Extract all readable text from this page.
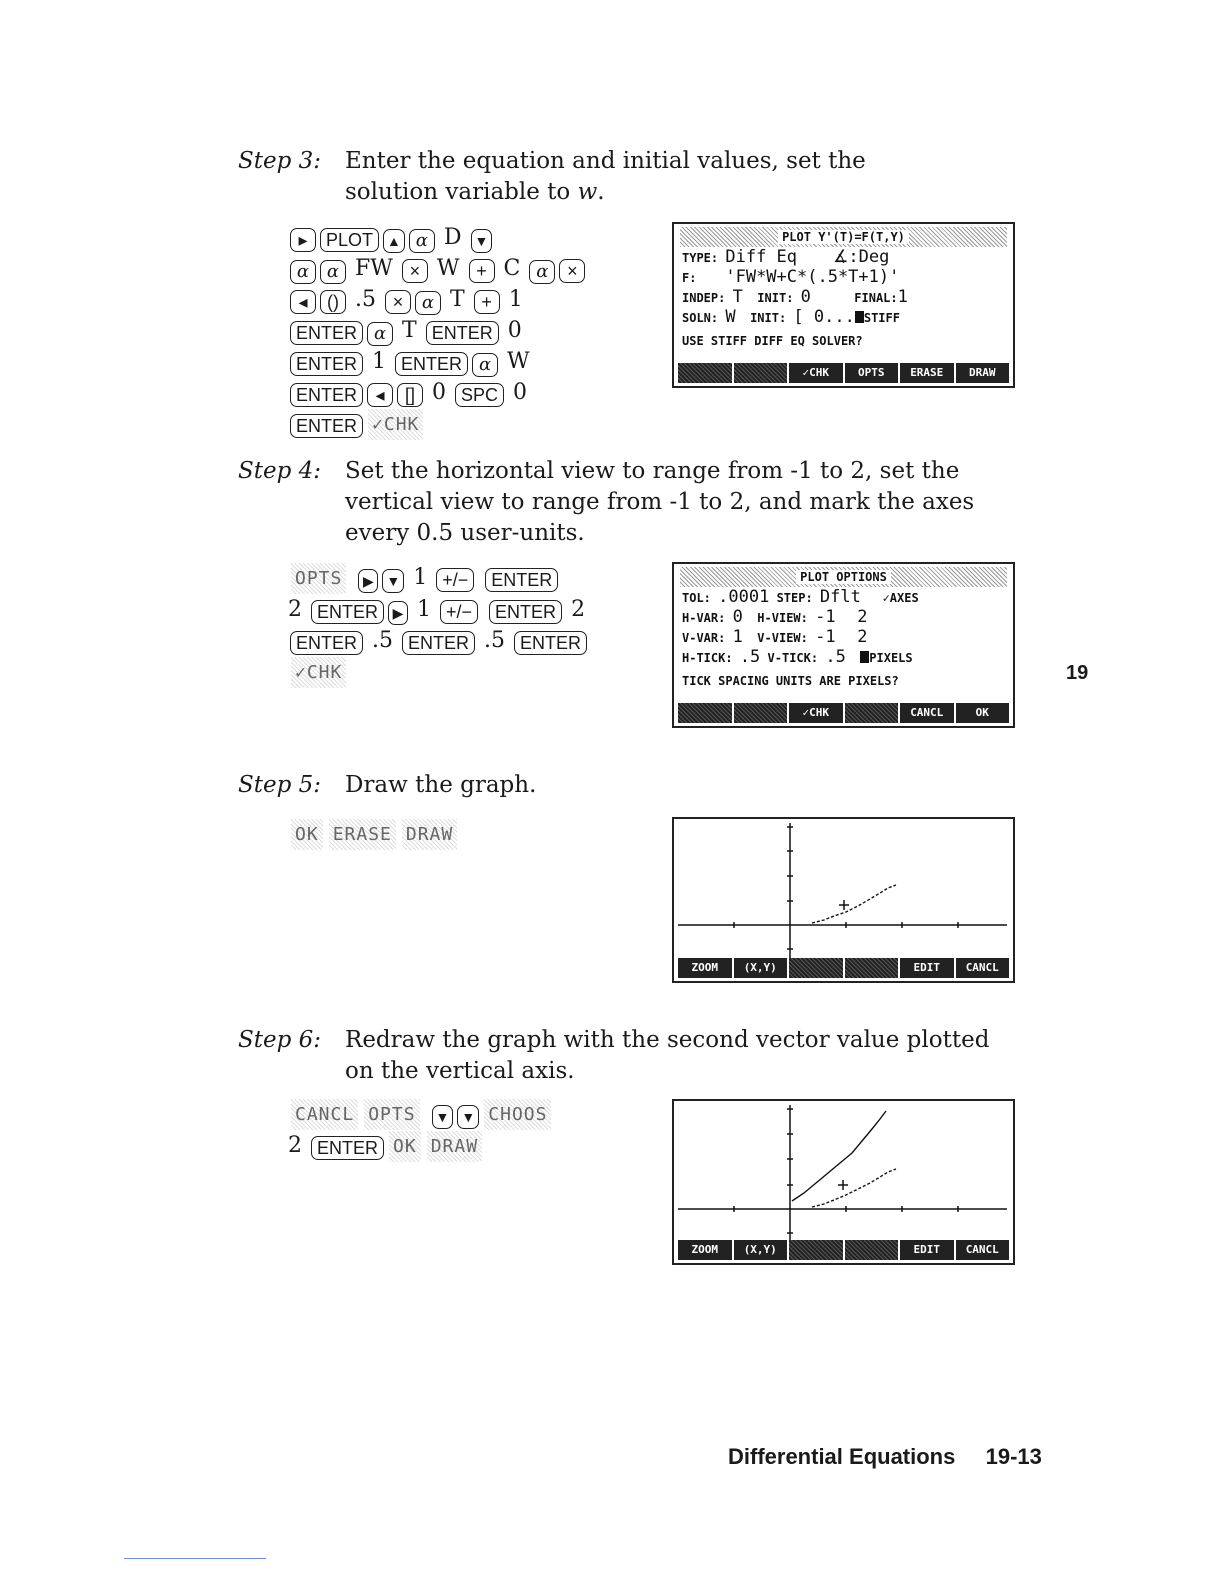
Step 3: Enter the equation and initial values, set the solution variable to w.
▸ PLOT ▲ α D ▼
α α FW × W + C α ×
◂ () .5 × α T + 1
ENTER α T ENTER 0
ENTER 1 ENTER α W
ENTER ◂ [] 0 SPC 0
ENTER ✓CHK
PLOT Y'(T)=F(T,Y)
TYPE: Diff Eq ∡:Deg
F: 'FW*W+C*(.5*T+1)'
INDEP: T INIT: 0	FINAL:1
SOLN: W INIT: [ 0... STIFF
USE STIFF DIFF EQ SOLVER?
✓CHK	OPTS	ERASE	DRAW
Step 4: Set the horizontal view to range from -1 to 2, set the vertical view to range from -1 to 2, and mark the axes every 0.5 user-units.
OPTS ▶ ▼ 1 +/− ENTER
2 ENTER ▶ 1 +/− ENTER 2
ENTER .5 ENTER .5 ENTER
✓CHK
PLOT OPTIONS
TOL: .0001 STEP: Dflt ✓AXES
H-VAR: 0 H-VIEW: -1 2
V-VAR: 1 V-VIEW: -1 2
H-TICK: .5 V-TICK: .5 PIXELS
TICK SPACING UNITS ARE PIXELS?
✓CHK	CANCL	OK
19
Step 5: Draw the graph.
OK ERASE DRAW
ZOOM	(X,Y)	EDIT	CANCL
Step 6: Redraw the graph with the second vector value plotted on the vertical axis.
CANCL OPTS ▼ ▼ CHOOS
2 ENTER OK DRAW
ZOOM	(X,Y)	EDIT	CANCL
Differential Equations 19-13
